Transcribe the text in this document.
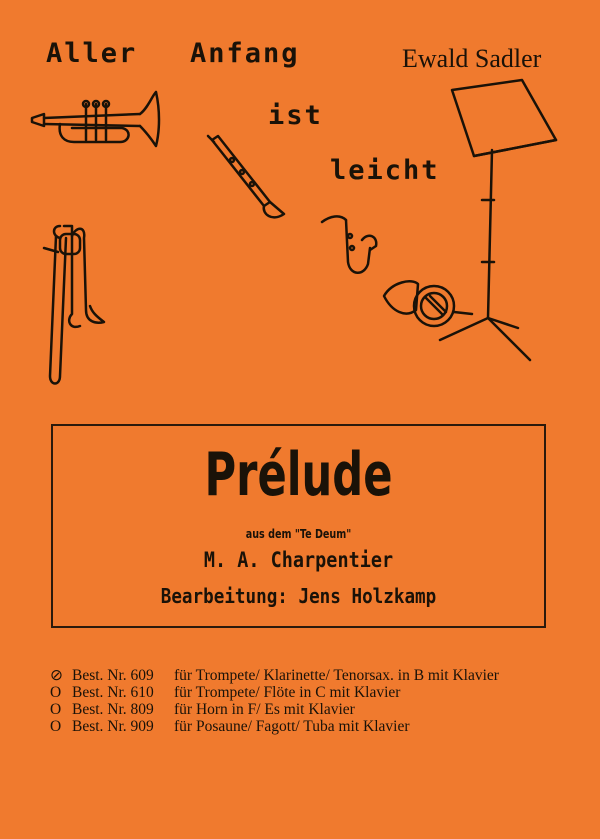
Aller Anfang
ist
leicht
Ewald Sadler
Prélude
aus dem "Te Deum"
M. A. Charpentier
Bearbeitung: Jens Holzkamp
⊘ Best. Nr. 609	für Trompete/ Klarinette/ Tenorsax. in B mit Klavier
O Best. Nr. 610	für Trompete/ Flöte in C mit Klavier
O Best. Nr. 809	für Horn in F/ Es mit Klavier
O Best. Nr. 909	für Posaune/ Fagott/ Tuba mit Klavier
